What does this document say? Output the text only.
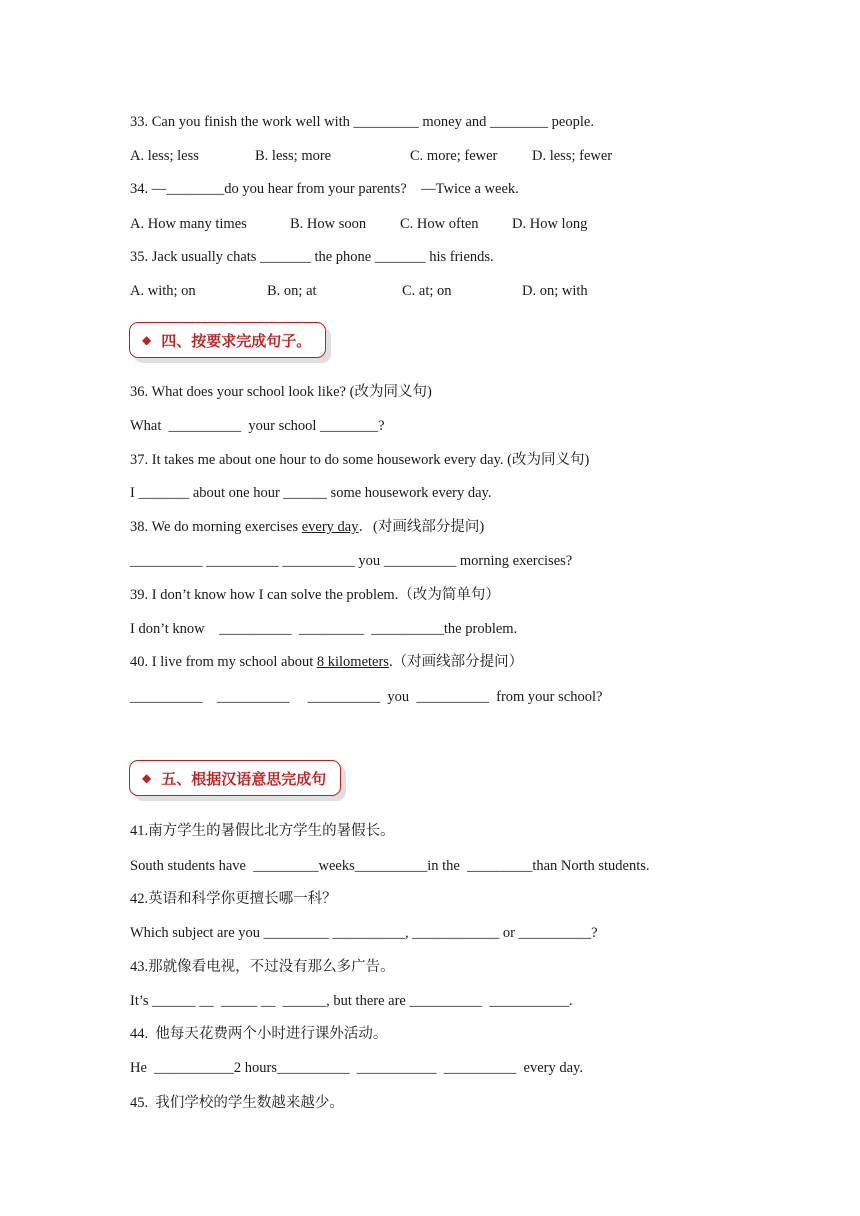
33. Can you finish the work well with _________ money and ________ people.
A. less; less	B. less; more	C. more; fewer D. less; fewer
34. —________do you hear from your parents?    —Twice a week.
A. How many times	B. How soon C. How often D. How long
35. Jack usually chats _______ the phone _______ his friends.
A. with; on	B. on; at	C. at; on	D. on; with
◆ 四、按要求完成句子。
36. What does your school look like? (改为同义句)
What  __________  your school ________?
37. It takes me about one hour to do some housework every day. (改为同义句)
I _______ about one hour ______ some housework every day.
38. We do morning exercises every day．(对画线部分提问)
__________ __________ __________ you __________ morning exercises?
39. I don’t know how I can solve the problem.（改为简单句）
I don’t know    __________  _________  __________the problem.
40. I live from my school about 8 kilometers.（对画线部分提问）
__________    __________     __________  you  __________  from your school?
◆ 五、根据汉语意思完成句
41.南方学生的暑假比北方学生的暑假长。
South students have  _________weeks__________in the  _________than North students.
42.英语和科学你更擅长哪一科？
Which subject are you _________ __________, ____________ or __________?
43.那就像看电视，不过没有那么多广告。
It’s ______ __  _____ __  ______, but there are __________  ___________.
44.  他每天花费两个小时进行课外活动。
He  ___________2 hours__________  ___________  __________  every day.
45.  我们学校的学生数越来越少。
